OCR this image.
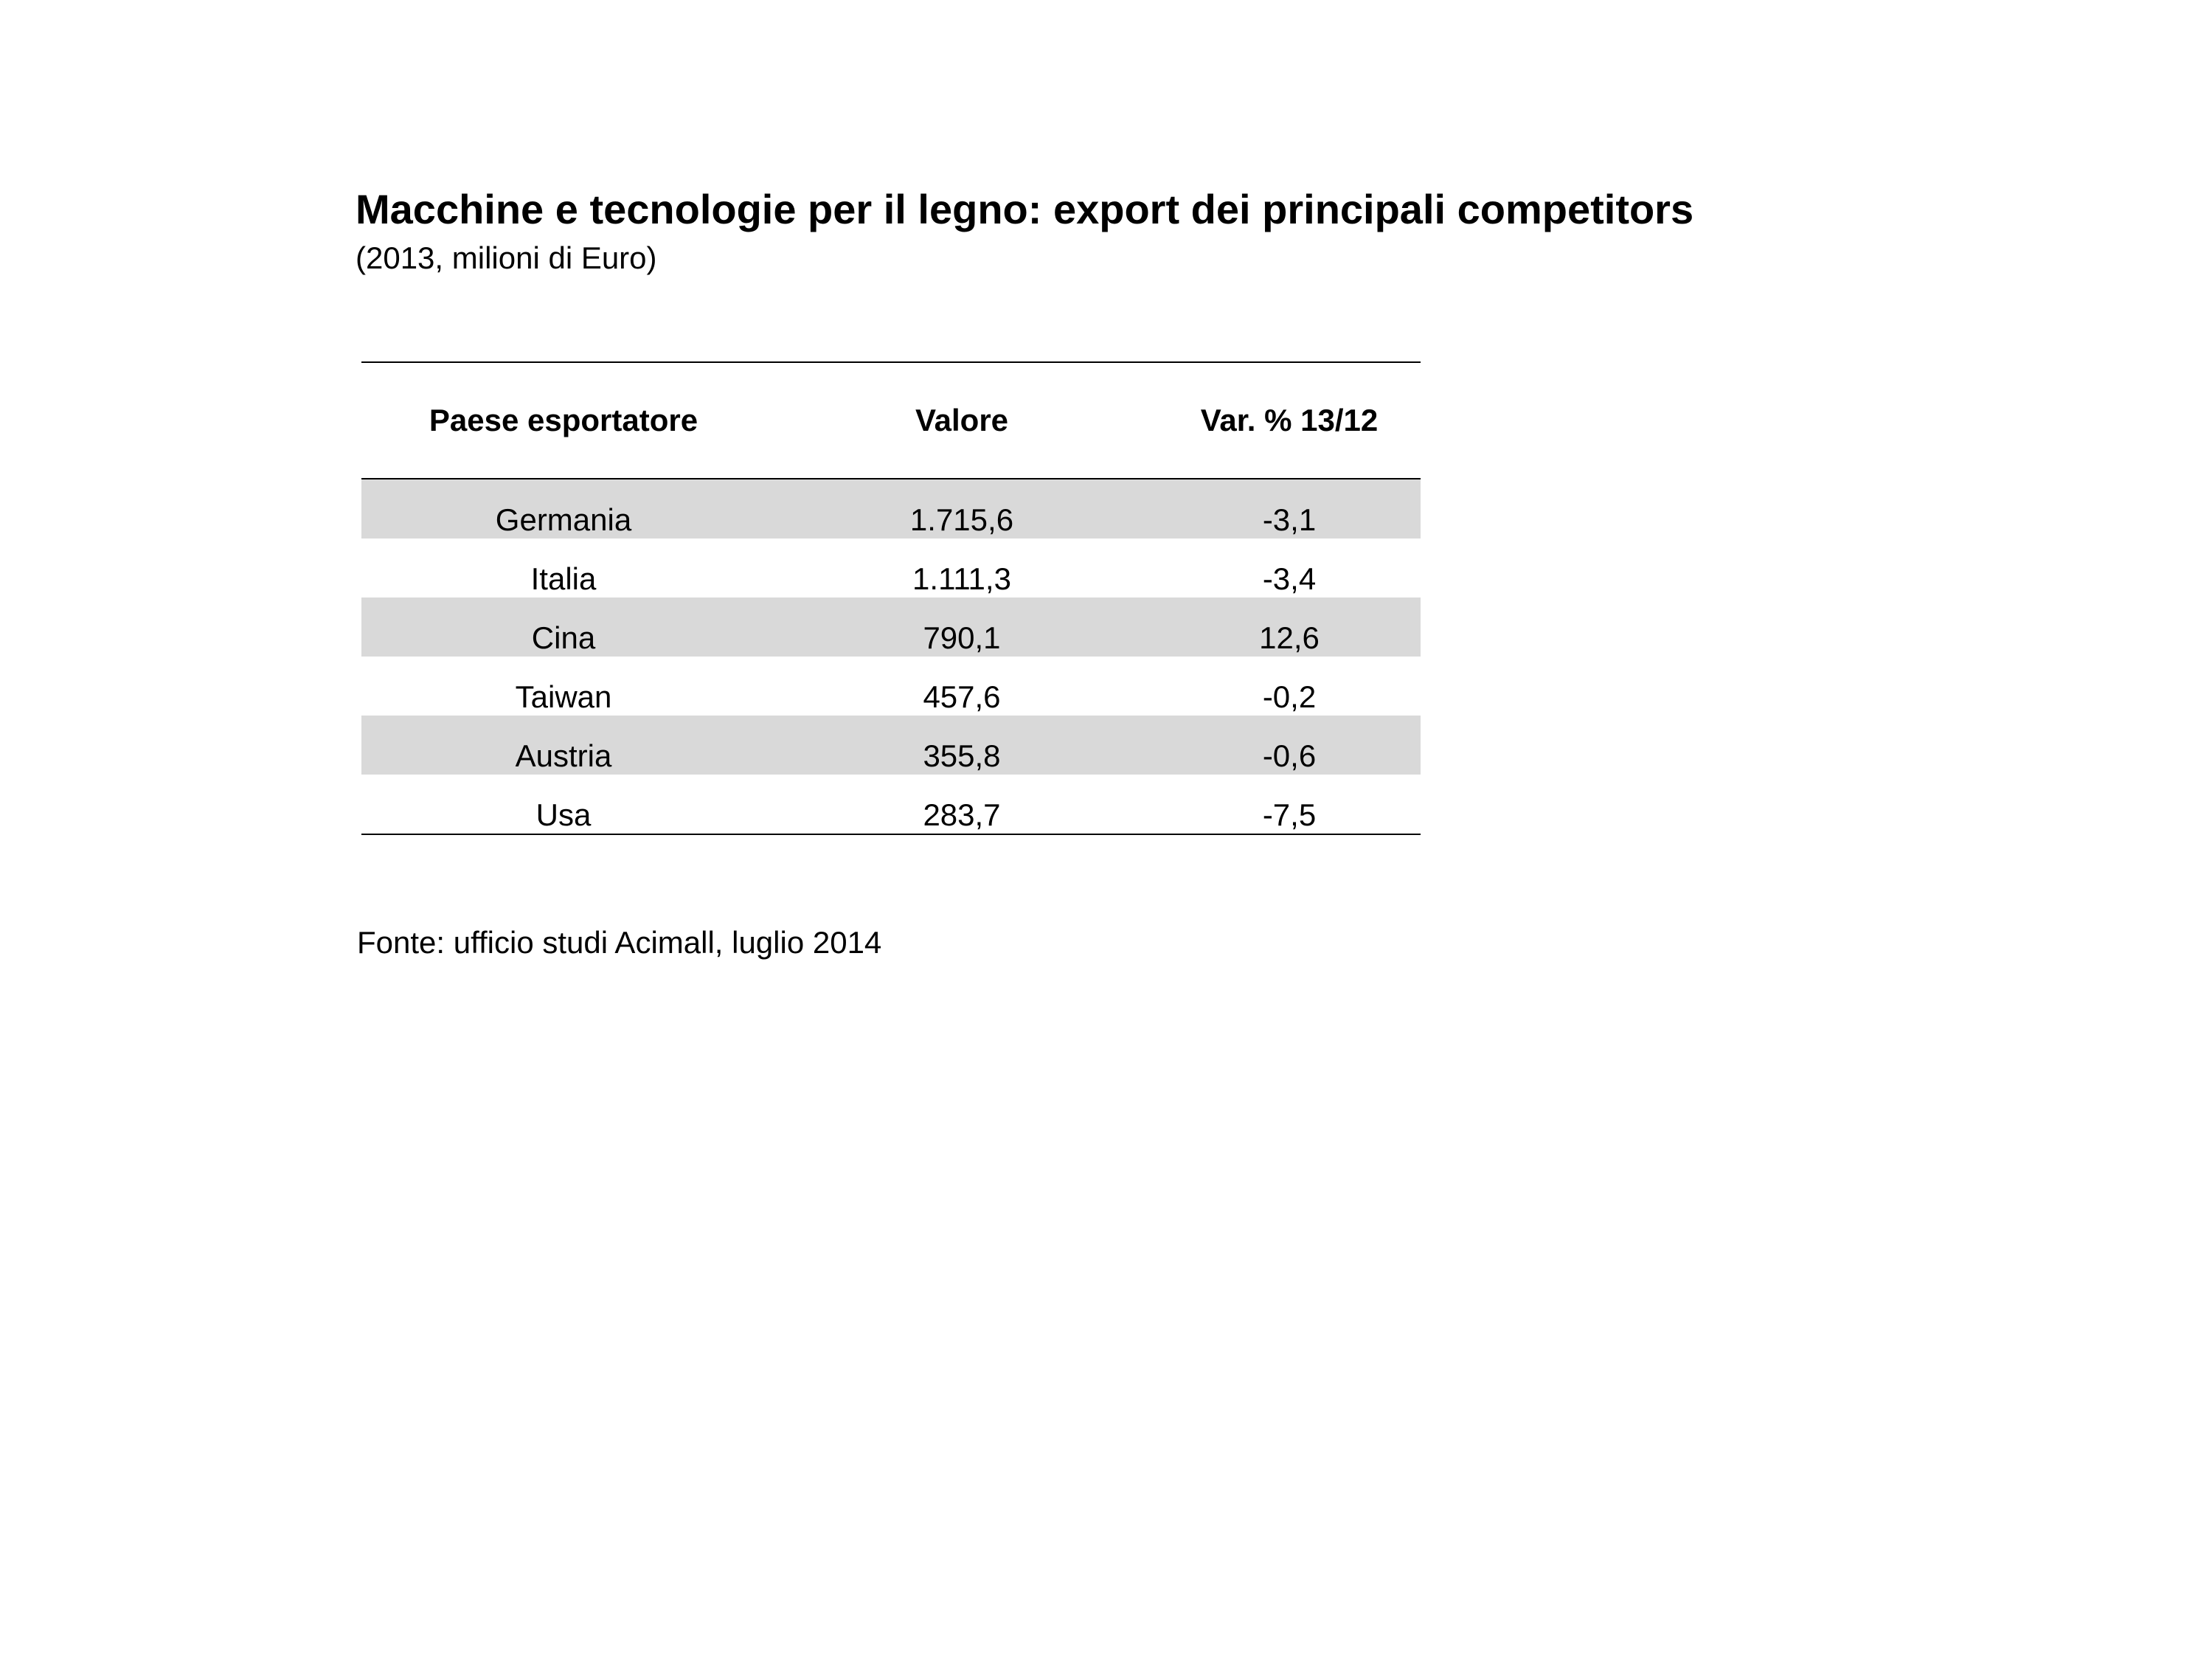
Macchine e tecnologie per il legno: export dei principali competitors
(2013, milioni di Euro)
Paese esportatore	Valore	Var. % 13/12
Germania	1.715,6	-3,1
Italia	1.111,3	-3,4
Cina	790,1	12,6
Taiwan	457,6	-0,2
Austria	355,8	-0,6
Usa	283,7	-7,5
Fonte: ufficio studi Acimall, luglio 2014
